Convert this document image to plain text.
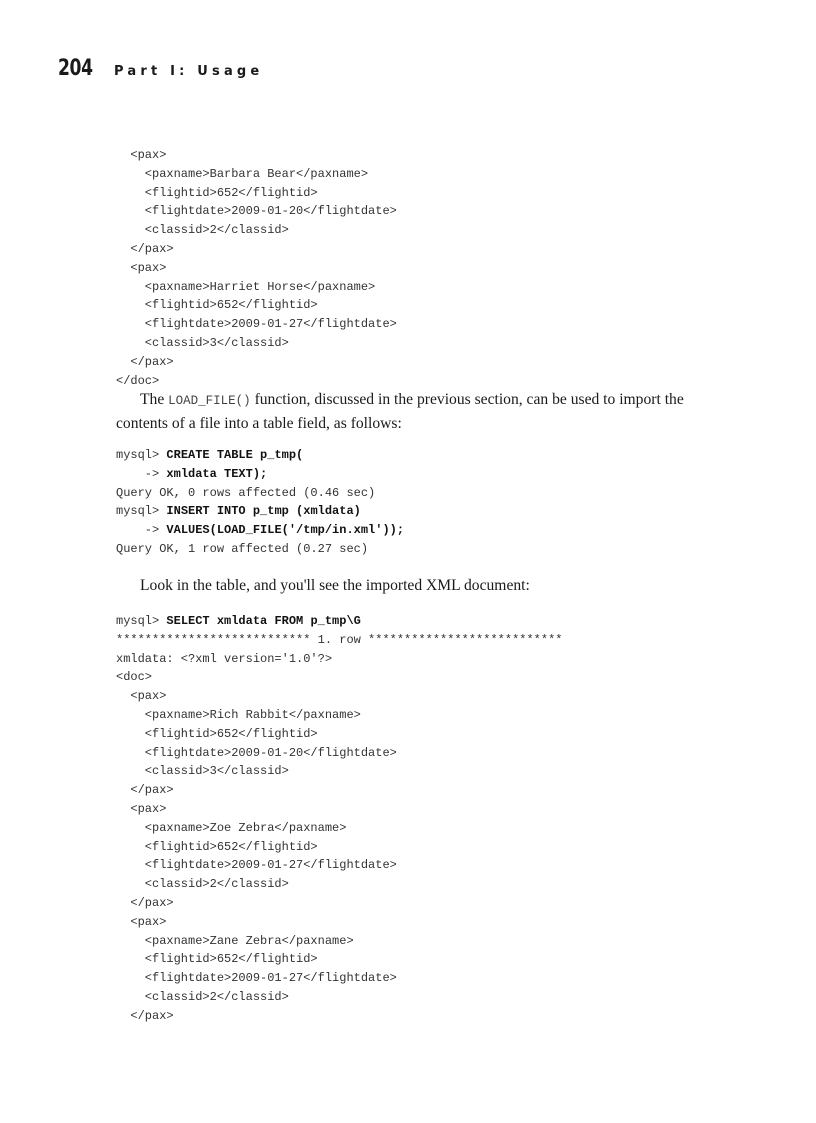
204 Part I: Usage
<pax>
<paxname>Barbara Bear</paxname>
<flightid>652</flightid>
<flightdate>2009-01-20</flightdate>
<classid>2</classid>
</pax>
<pax>
<paxname>Harriet Horse</paxname>
<flightid>652</flightid>
<flightdate>2009-01-27</flightdate>
<classid>3</classid>
</pax>
</doc>

The LOAD_FILE() function, discussed in the previous section, can be used to import the contents of a file into a table field, as follows:

mysql> CREATE TABLE p_tmp(
-> xmldata TEXT);
Query OK, 0 rows affected (0.46 sec)
mysql> INSERT INTO p_tmp (xmldata)
-> VALUES(LOAD_FILE('/tmp/in.xml'));
Query OK, 1 row affected (0.27 sec)

Look in the table, and you'll see the imported XML document:

mysql> SELECT xmldata FROM p_tmp\G
*************************** 1. row ***************************
xmldata: <?xml version='1.0'?>
<doc>
<pax>
<paxname>Rich Rabbit</paxname>
<flightid>652</flightid>
<flightdate>2009-01-20</flightdate>
<classid>3</classid>
</pax>
<pax>
<paxname>Zoe Zebra</paxname>
<flightid>652</flightid>
<flightdate>2009-01-27</flightdate>
<classid>2</classid>
</pax>
<pax>
<paxname>Zane Zebra</paxname>
<flightid>652</flightid>
<flightdate>2009-01-27</flightdate>
<classid>2</classid>
</pax>
